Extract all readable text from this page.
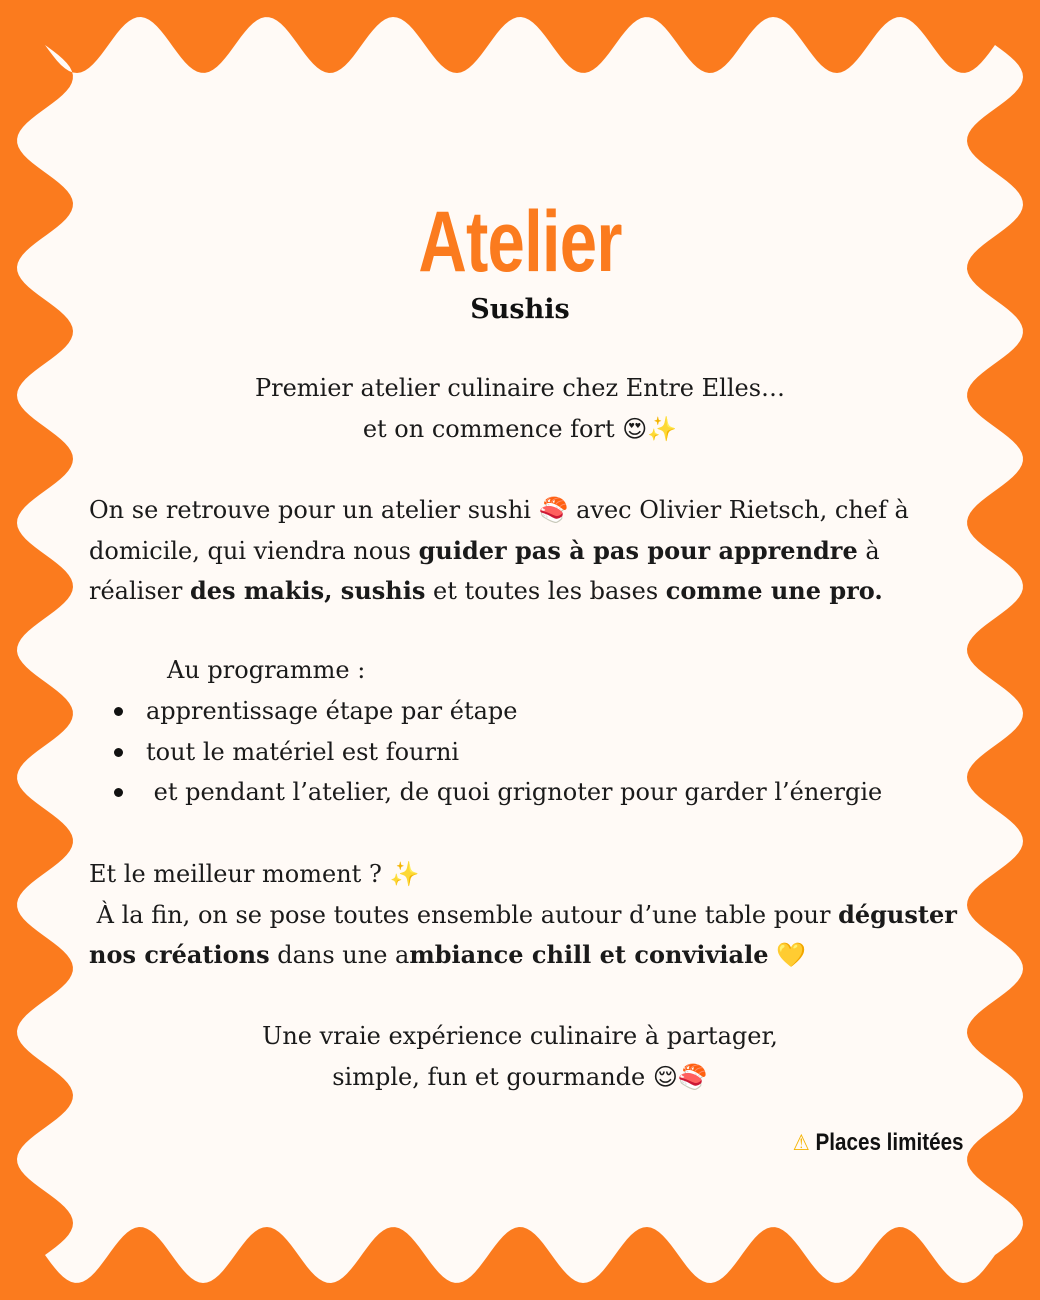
Atelier
Sushis

Premier atelier culinaire chez Entre Elles…
et on commence fort 😍✨

On se retrouve pour un atelier sushi 🍣 avec Olivier Rietsch, chef à domicile, qui viendra nous guider pas à pas pour apprendre à réaliser des makis, sushis et toutes les bases comme une pro.

Au programme :
apprentissage étape par étape
tout le matériel est fourni
et pendant l’atelier, de quoi grignoter pour garder l’énergie

Et le meilleur moment ? ✨
À la fin, on se pose toutes ensemble autour d’une table pour déguster nos créations dans une ambiance chill et conviviale 💛

Une vraie expérience culinaire à partager,
simple, fun et gourmande 😌🍣

⚠ Places limitées
